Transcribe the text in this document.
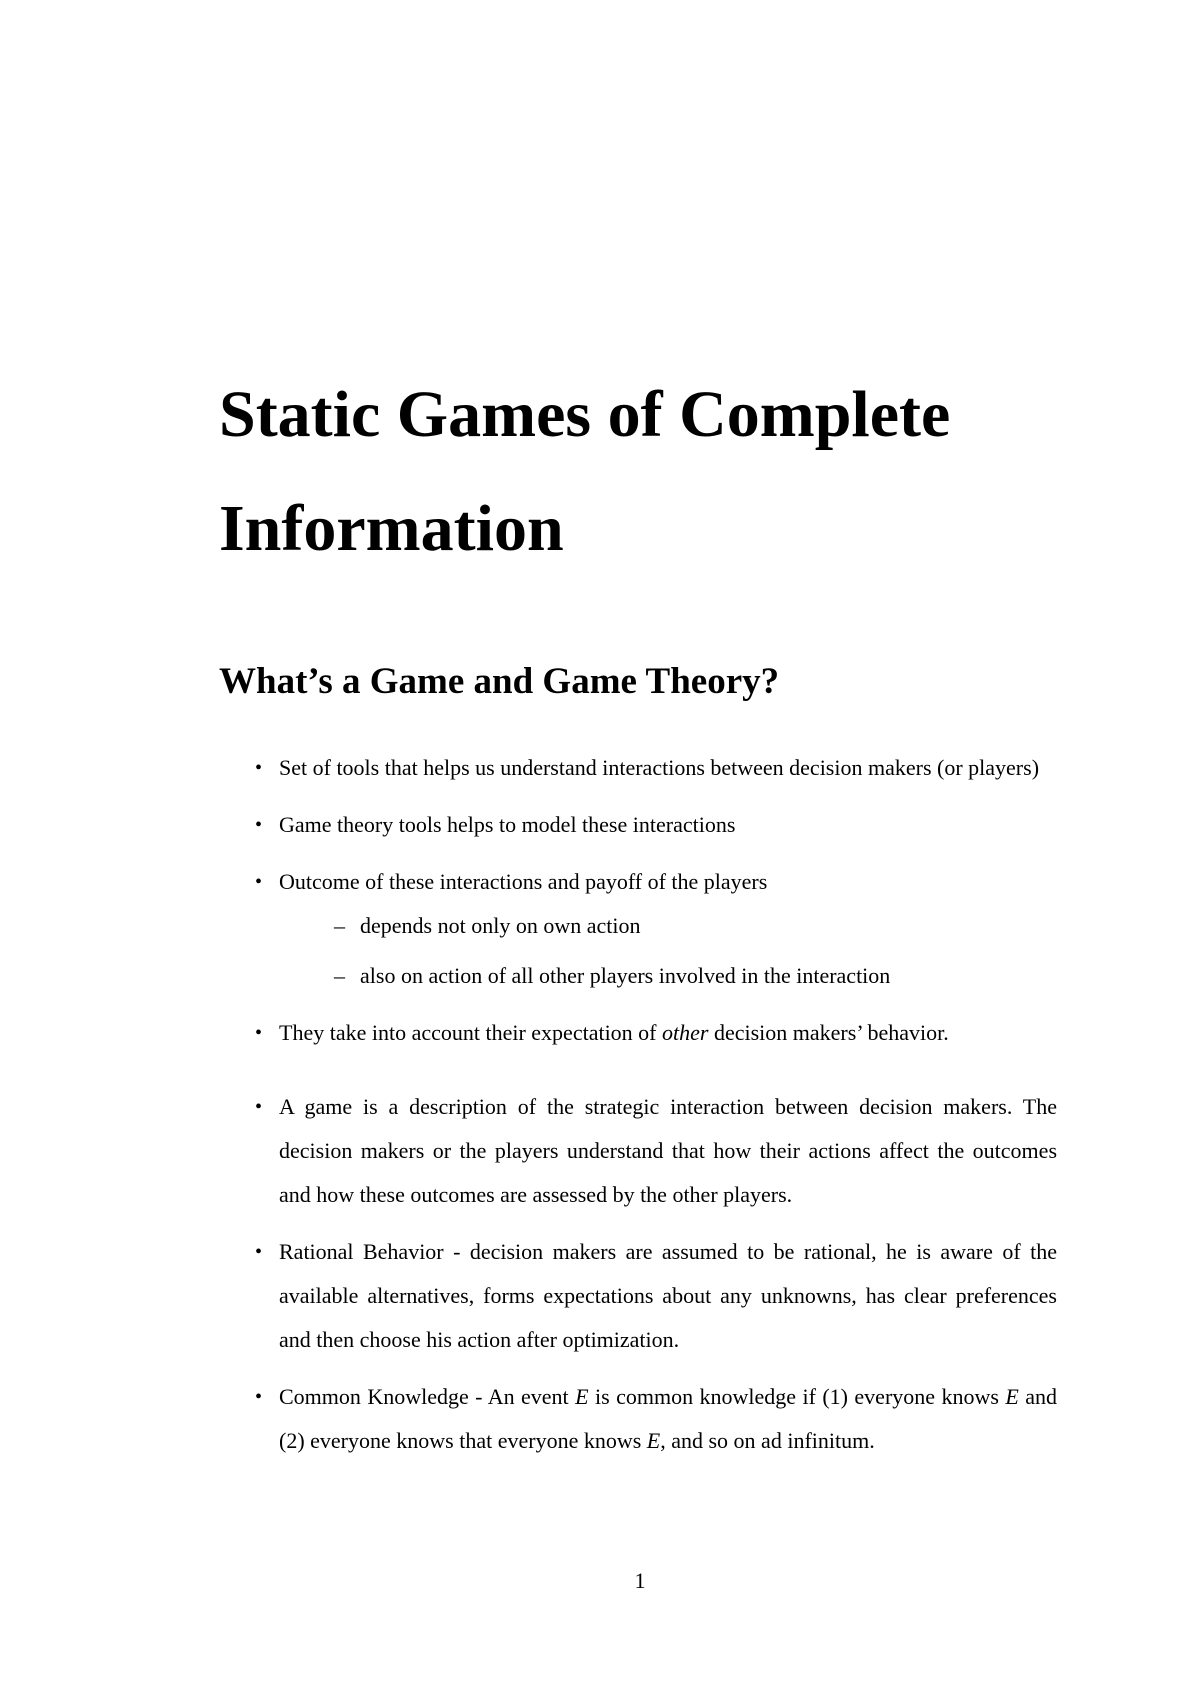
Static Games of Complete Information
What’s a Game and Game Theory?
• Set of tools that helps us understand interactions between decision makers (or players)
• Game theory tools helps to model these interactions
• Outcome of these interactions and payoff of the players
– depends not only on own action
– also on action of all other players involved in the interaction
• They take into account their expectation of other decision makers’ behavior.
• A game is a description of the strategic interaction between decision makers. The decision makers or the players understand that how their actions affect the outcomes and how these outcomes are assessed by the other players.
• Rational Behavior - decision makers are assumed to be rational, he is aware of the available alternatives, forms expectations about any unknowns, has clear preferences and then choose his action after optimization.
• Common Knowledge - An event E is common knowledge if (1) everyone knows E and (2) everyone knows that everyone knows E, and so on ad infinitum.
1
